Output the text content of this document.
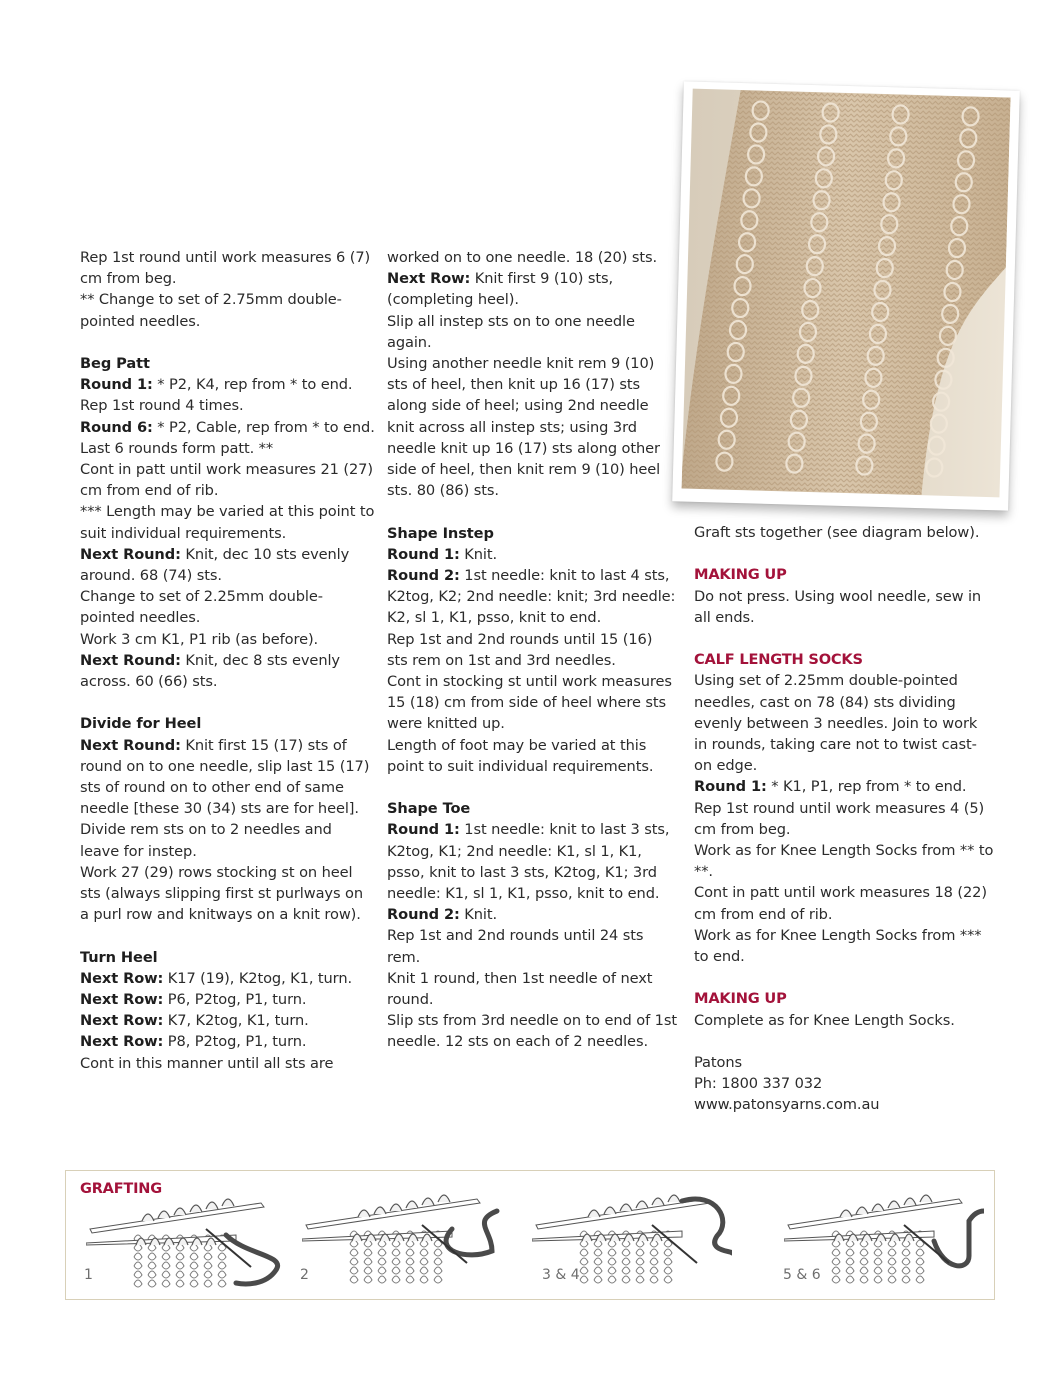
Rep 1st round until work measures 6 (7) cm from beg.

** Change to set of 2.75mm double-pointed needles.

Beg Patt

Round 1: * P2, K4, rep from * to end.

Rep 1st round 4 times.

Round 6: * P2, Cable, rep from * to end.

Last 6 rounds form patt. **

Cont in patt until work measures 21 (27) cm from end of rib.

*** Length may be varied at this point to suit individual requirements.

Next Round: Knit, dec 10 sts evenly around. 68 (74) sts.

Change to set of 2.25mm double-pointed needles.

Work 3 cm K1, P1 rib (as before).

Next Round: Knit, dec 8 sts evenly across. 60 (66) sts.

Divide for Heel

Next Round: Knit first 15 (17) sts of round on to one needle, slip last 15 (17) sts of round on to other end of same needle [these 30 (34) sts are for heel].

Divide rem sts on to 2 needles and leave for instep.

Work 27 (29) rows stocking st on heel sts (always slipping first st purlways on a purl row and knitways on a knit row).

Turn Heel

Next Row: K17 (19), K2tog, K1, turn.

Next Row: P6, P2tog, P1, turn.

Next Row: K7, K2tog, K1, turn.

Next Row: P8, P2tog, P1, turn.

Cont in this manner until all sts are

worked on to one needle. 18 (20) sts.

Next Row: Knit first 9 (10) sts, (completing heel).

Slip all instep sts on to one needle again.

Using another needle knit rem 9 (10) sts of heel, then knit up 16 (17) sts along side of heel; using 2nd needle knit across all instep sts; using 3rd needle knit up 16 (17) sts along other side of heel, then knit rem 9 (10) heel sts. 80 (86) sts.

Shape Instep

Round 1: Knit.

Round 2: 1st needle: knit to last 4 sts, K2tog, K2; 2nd needle: knit; 3rd needle: K2, sl 1, K1, psso, knit to end.

Rep 1st and 2nd rounds until 15 (16) sts rem on 1st and 3rd needles.

Cont in stocking st until work measures 15 (18) cm from side of heel where sts were knitted up.

Length of foot may be varied at this point to suit individual requirements.

Shape Toe

Round 1: 1st needle: knit to last 3 sts, K2tog, K1; 2nd needle: K1, sl 1, K1, psso, knit to last 3 sts, K2tog, K1; 3rd needle: K1, sl 1, K1, psso, knit to end.

Round 2: Knit.

Rep 1st and 2nd rounds until 24 sts rem.

Knit 1 round, then 1st needle of next round.

Slip sts from 3rd needle on to end of 1st needle. 12 sts on each of 2 needles.

Graft sts together (see diagram below).

MAKING UP

Do not press. Using wool needle, sew in all ends.

CALF LENGTH SOCKS

Using set of 2.25mm double-pointed needles, cast on 78 (84) sts dividing evenly between 3 needles. Join to work in rounds, taking care not to twist cast-on edge.

Round 1: * K1, P1, rep from * to end.

Rep 1st round until work measures 4 (5) cm from beg.

Work as for Knee Length Socks from ** to **.

Cont in patt until work measures 18 (22) cm from end of rib.

Work as for Knee Length Socks from *** to end.

MAKING UP

Complete as for Knee Length Socks.

Patons

Ph: 1800 337 032

www.patonsyarns.com.au

GRAFTING
1	2	3 & 4	5 & 6
